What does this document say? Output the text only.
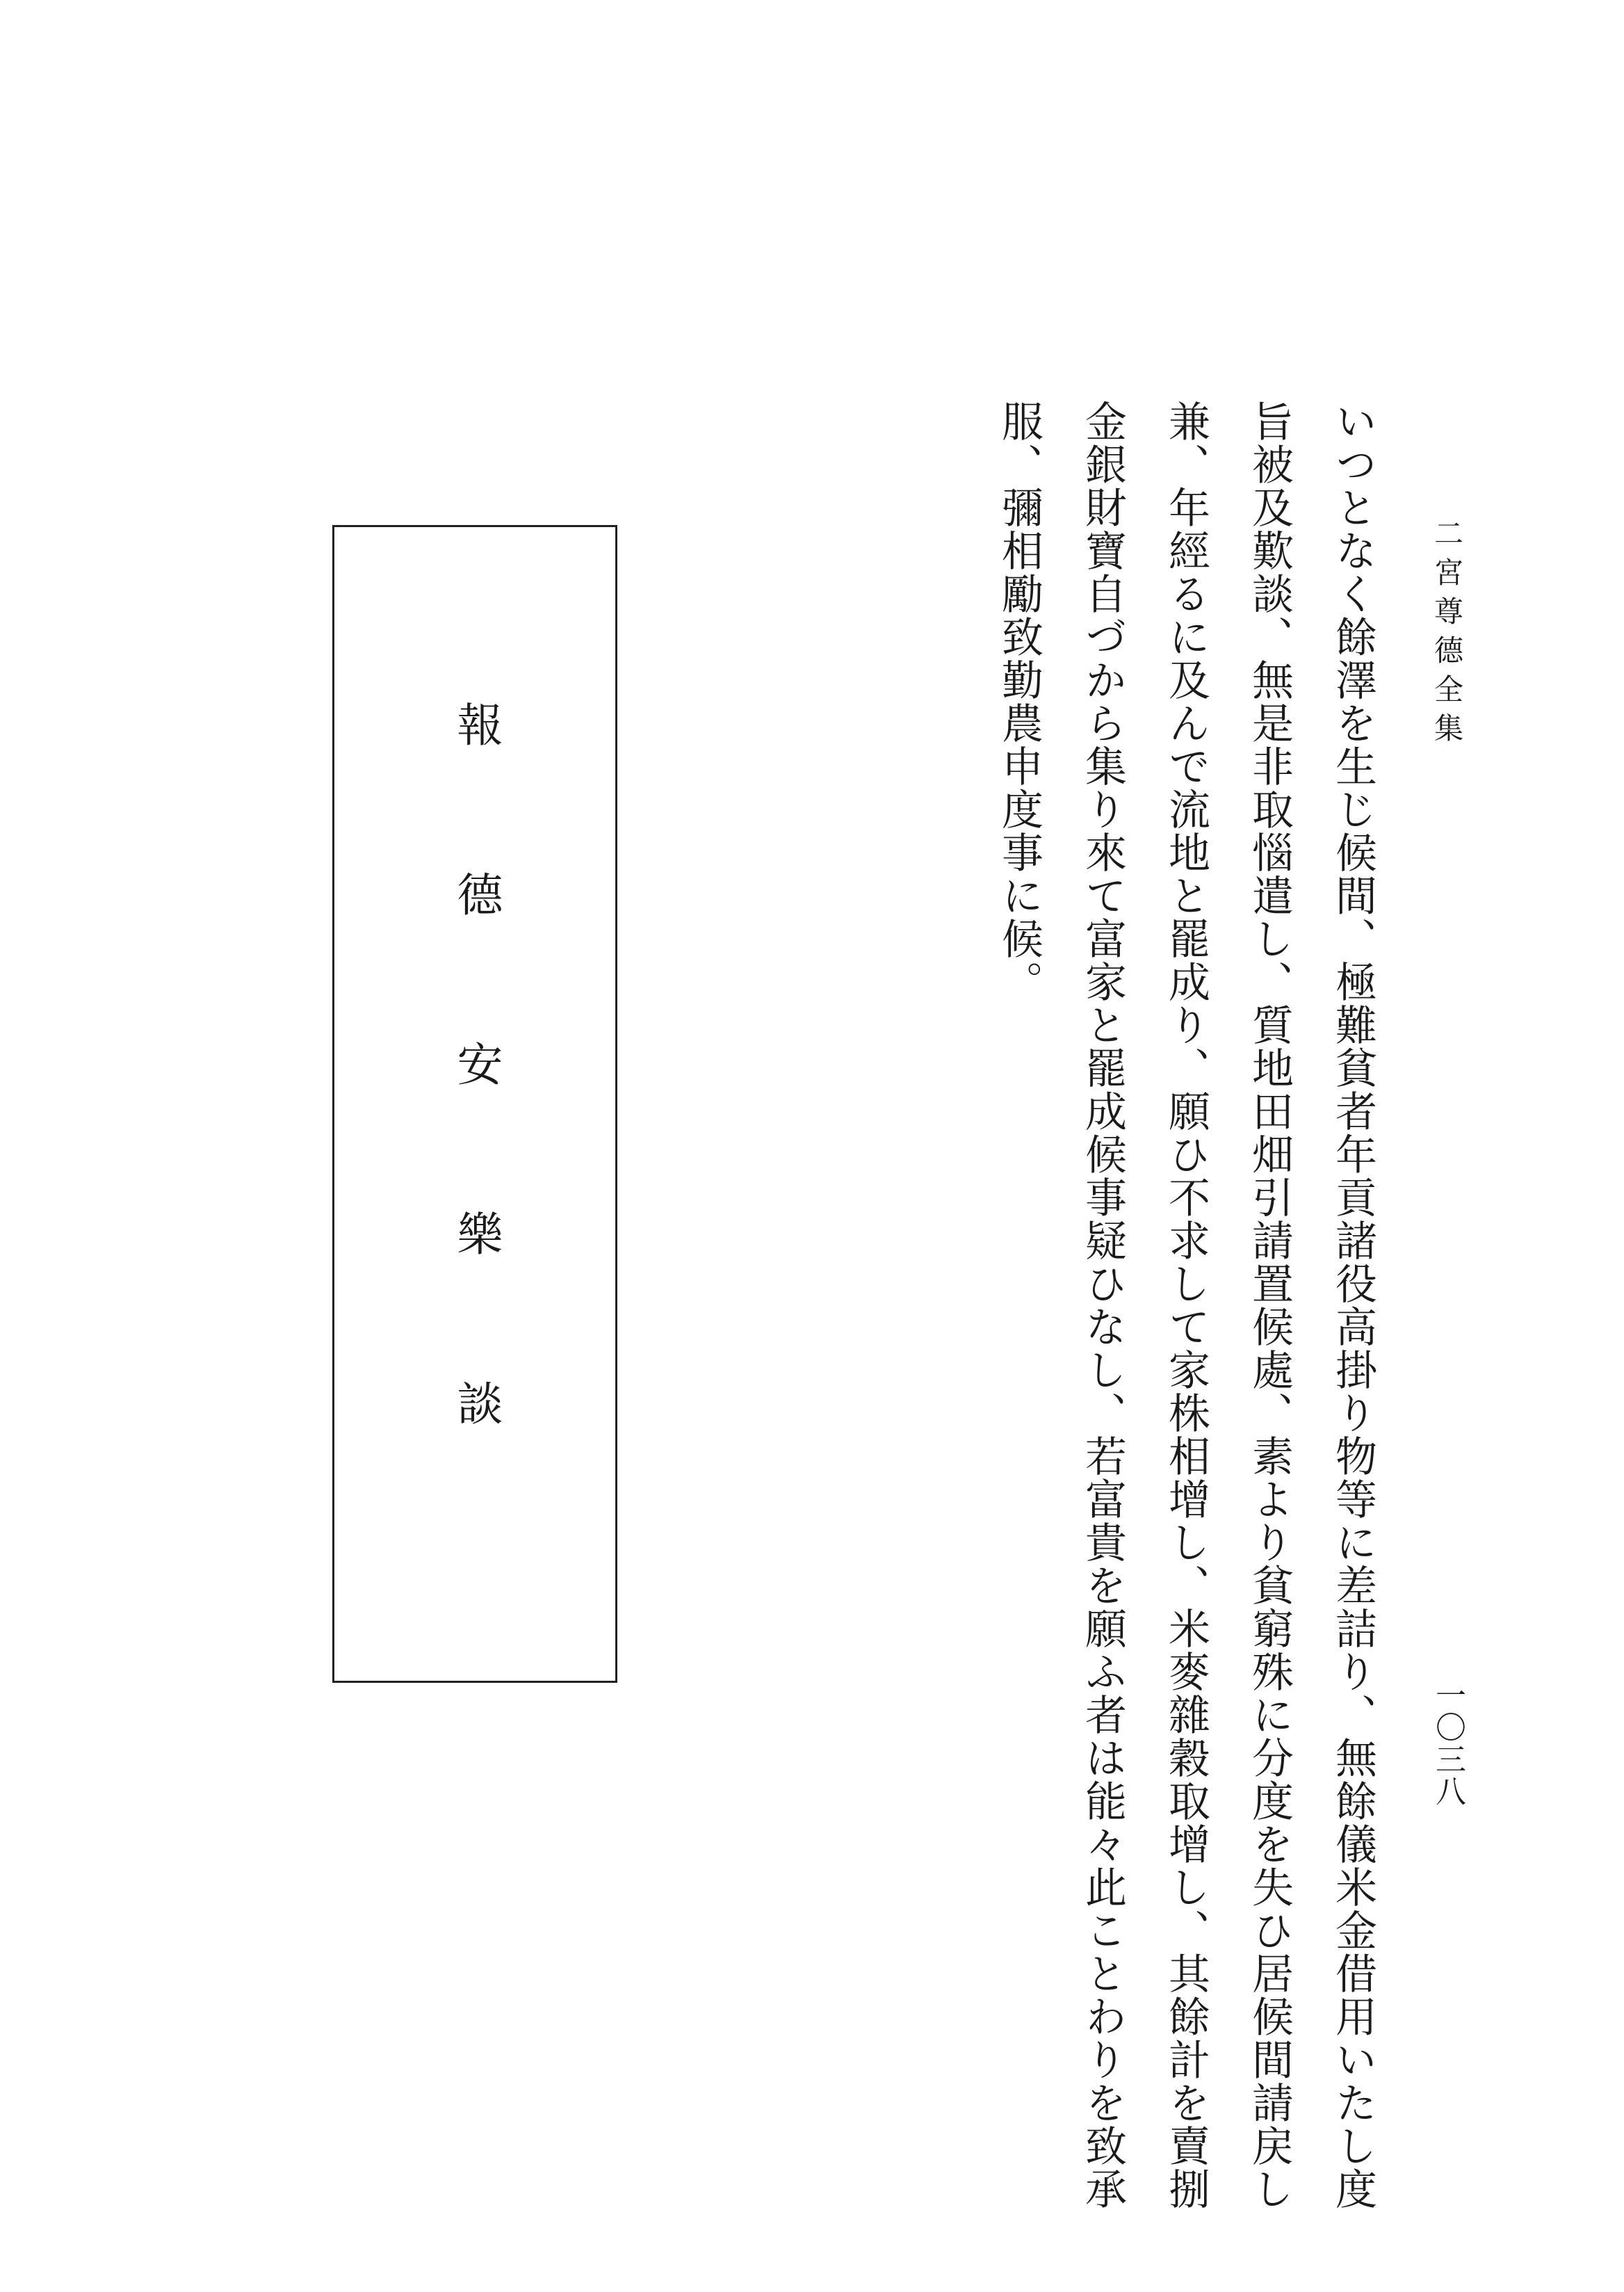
二宮尊德全集
一〇三八
いつとなく餘澤を生じ候間、極難貧者年貢諸役高掛り物等に差詰り、無餘儀米金借用いたし度
旨被及歎談、無是非取惱遣し、質地田畑引請置候處、素より貧窮殊に分度を失ひ居候間請戻し
兼、年經るに及んで流地と罷成り、願ひ不求して家株相增し、米麥雜穀取增し、其餘計を賣捌
金銀財寶自づから集り來て富家と罷成候事疑ひなし、若富貴を願ふ者は能々此ことわりを致承
服、彌相勵致勤農申度事に候。
報德安樂談
